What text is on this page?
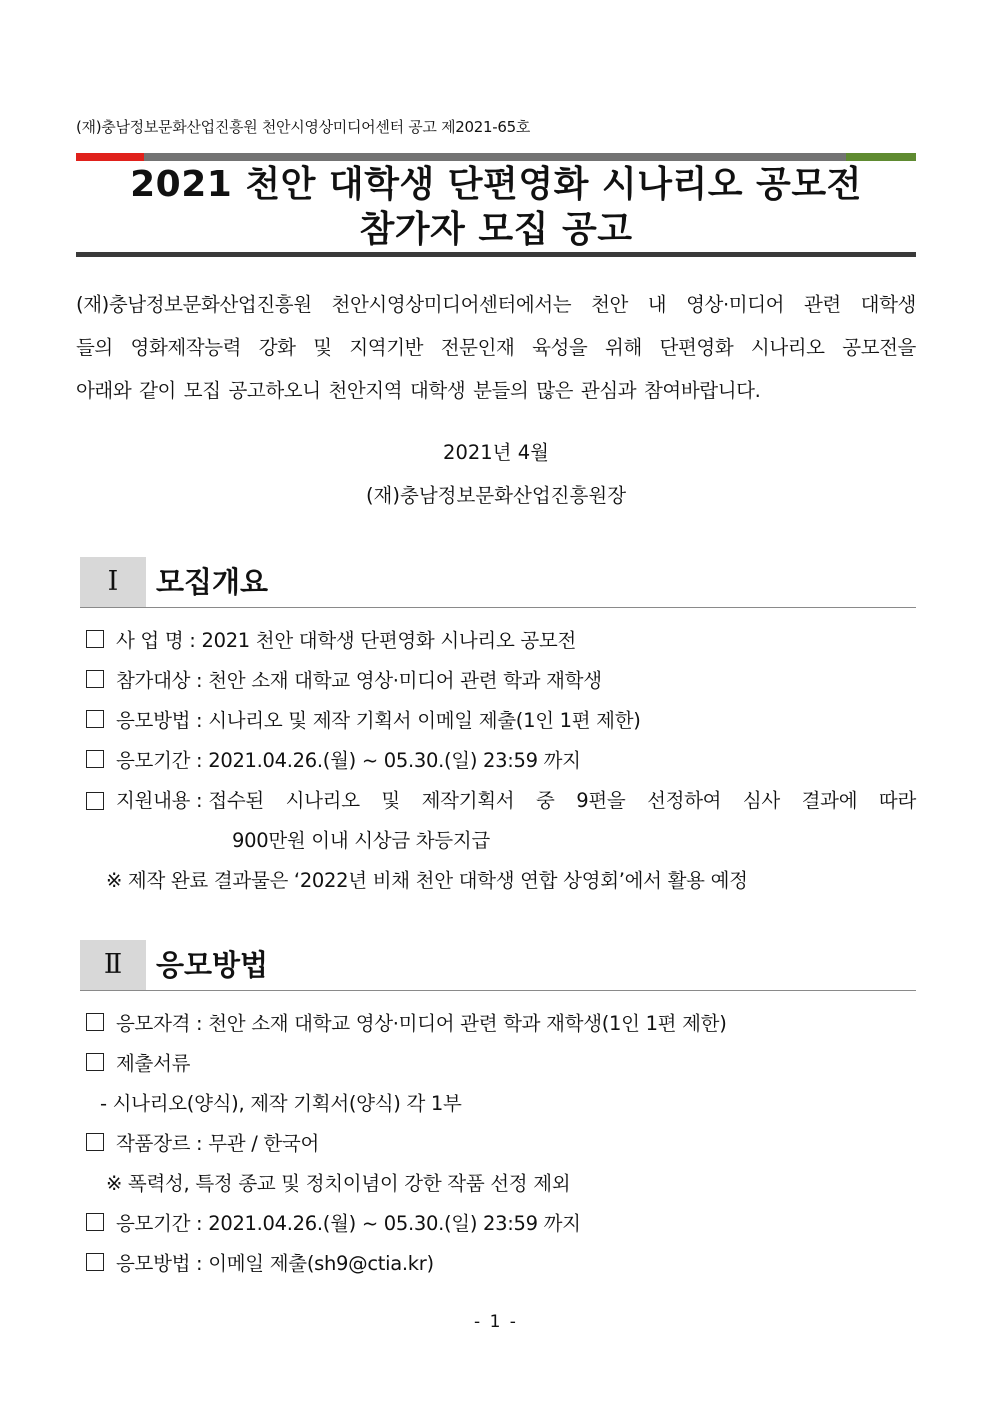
(재)충남정보문화산업진흥원 천안시영상미디어센터 공고 제2021-65호
2021 천안 대학생 단편영화 시나리오 공모전
참가자 모집 공고
(재)충남정보문화산업진흥원 천안시영상미디어센터에서는 천안 내 영상·미디어 관련 대학생
들의 영화제작능력 강화 및 지역기반 전문인재 육성을 위해 단편영화 시나리오 공모전을
아래와 같이 모집 공고하오니 천안지역 대학생 분들의 많은 관심과 참여바랍니다.
2021년 4월
(재)충남정보문화산업진흥원장
Ⅰ	모집개요
사 업 명 : 2021 천안 대학생 단편영화 시나리오 공모전
참가대상 : 천안 소재 대학교 영상·미디어 관련 학과 재학생
응모방법 : 시나리오 및 제작 기획서 이메일 제출(1인 1편 제한)
응모기간 : 2021.04.26.(월) ~ 05.30.(일) 23:59 까지
지원내용 : 접수된 시나리오 및 제작기획서 중 9편을 선정하여 심사 결과에 따라
900만원 이내 시상금 차등지급
※ 제작 완료 결과물은 ‘2022년 비채 천안 대학생 연합 상영회’에서 활용 예정
Ⅱ	응모방법
응모자격 : 천안 소재 대학교 영상·미디어 관련 학과 재학생(1인 1편 제한)
제출서류
- 시나리오(양식), 제작 기획서(양식) 각 1부
작품장르 : 무관 / 한국어
※ 폭력성, 특정 종교 및 정치이념이 강한 작품 선정 제외
응모기간 : 2021.04.26.(월) ~ 05.30.(일) 23:59 까지
응모방법 : 이메일 제출(sh9@ctia.kr)
- 1 -
